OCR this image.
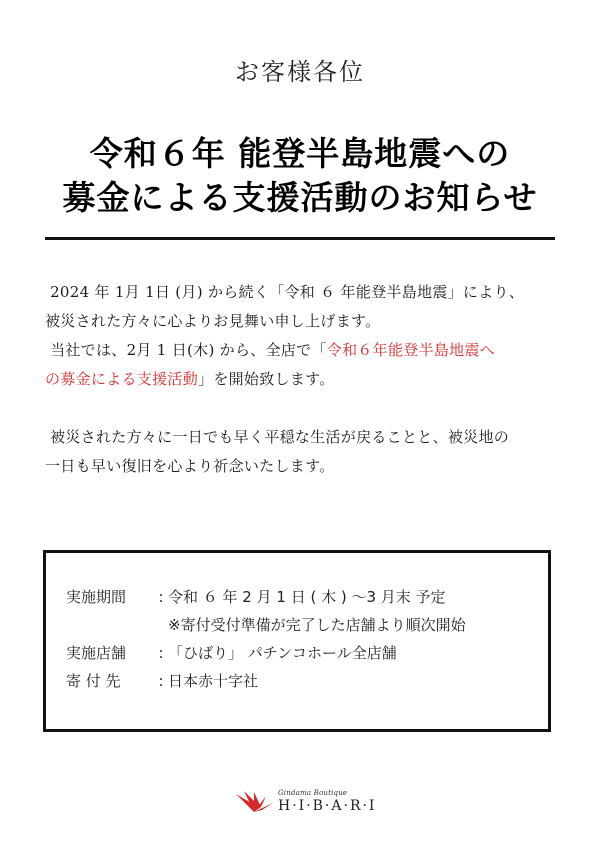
お客様各位
令和６年 能登半島地震への
募金による支援活動のお知らせ

2024 年 1月 1日 (月) から続く「令和 ６ 年能登半島地震」により、

被災された方々に心よりお見舞い申し上げます。

当社では、2月 1 日(木) から、全店で「令和６年能登半島地震へ

の募金による支援活動」を開始致します。

被災された方々に一日でも早く平穏な生活が戻ることと、被災地の

一日も早い復旧を心より祈念いたします。

実施期間	: 令和 ６ 年 2 月 1 日 ( 木 ) ～3 月末 予定
※寄付受付準備が完了した店舗より順次開始
実施店舗	: 「ひばり」 パチンコホール全店舗
寄 付 先	: 日本赤十字社
Gindama Boutique
H·I·B·A·R·I
